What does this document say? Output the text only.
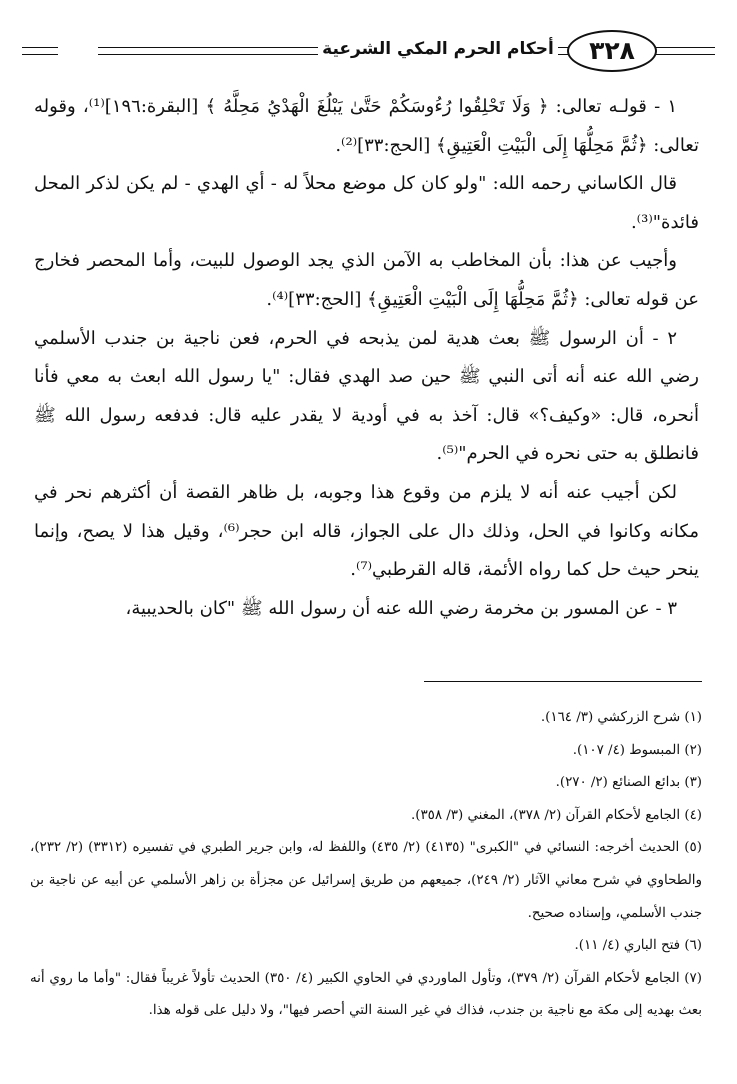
أحكام الحرم المكي الشرعية	٣٢٨

١ - قولـه تعالى: ﴿ وَلَا تَحْلِقُوا رُءُوسَكُمْ حَتَّىٰ يَبْلُغَ الْهَدْيُ مَحِلَّهُ ﴾ [البقرة:١٩٦]⁽¹⁾، وقوله تعالى: ﴿ثُمَّ مَحِلُّهَا إِلَى الْبَيْتِ الْعَتِيقِ﴾ [الحج:٣٣]⁽²⁾.

قال الكاساني رحمه الله: "ولو كان كل موضع محلاً له - أي الهدي - لم يكن لذكر المحل فائدة"⁽³⁾.

وأجيب عن هذا: بأن المخاطب به الآمن الذي يجد الوصول للبيت، وأما المحصر فخارج عن قوله تعالى: ﴿ثُمَّ مَحِلُّهَا إِلَى الْبَيْتِ الْعَتِيقِ﴾ [الحج:٣٣]⁽⁴⁾.

٢ - أن الرسول ﷺ بعث هدية لمن يذبحه في الحرم، فعن ناجية بن جندب الأسلمي رضي الله عنه أنه أتى النبي ﷺ حين صد الهدي فقال: "يا رسول الله ابعث به معي فأنا أنحره، قال: «وكيف؟» قال: آخذ به في أودية لا يقدر عليه قال: فدفعه رسول الله ﷺ فانطلق به حتى نحره في الحرم"⁽⁵⁾.

لكن أجيب عنه أنه لا يلزم من وقوع هذا وجوبه، بل ظاهر القصة أن أكثرهم نحر في مكانه وكانوا في الحل، وذلك دال على الجواز، قاله ابن حجر⁽⁶⁾، وقيل هذا لا يصح، وإنما ينحر حيث حل كما رواه الأئمة، قاله القرطبي⁽⁷⁾.

٣ - عن المسور بن مخرمة رضي الله عنه أن رسول الله ﷺ "كان بالحديبية،

(١) شرح الزركشي (٣/ ١٦٤).

(٢) المبسوط (٤/ ١٠٧).

(٣) بدائع الصنائع (٢/ ٢٧٠).

(٤) الجامع لأحكام القرآن (٢/ ٣٧٨)، المغني (٣/ ٣٥٨).

(٥) الحديث أخرجه: النسائي في "الكبرى" (٤١٣٥) (٢/ ٤٣٥) واللفظ له، وابن جرير الطبري في تفسيره (٣٣١٢) (٢/ ٢٣٢)، والطحاوي في شرح معاني الآثار (٢/ ٢٤٩)، جميعهم من طريق إسرائيل عن مجزأة بن زاهر الأسلمي عن أبيه عن ناجية بن جندب الأسلمي، وإسناده صحيح.

(٦) فتح الباري (٤/ ١١).

(٧) الجامع لأحكام القرآن (٢/ ٣٧٩)، وتأول الماوردي في الحاوي الكبير (٤/ ٣٥٠) الحديث تأولاً غريباً فقال: "وأما ما روي أنه بعث بهديه إلى مكة مع ناجية بن جندب، فذاك في غير السنة التي أحصر فيها"، ولا دليل على قوله هذا.
